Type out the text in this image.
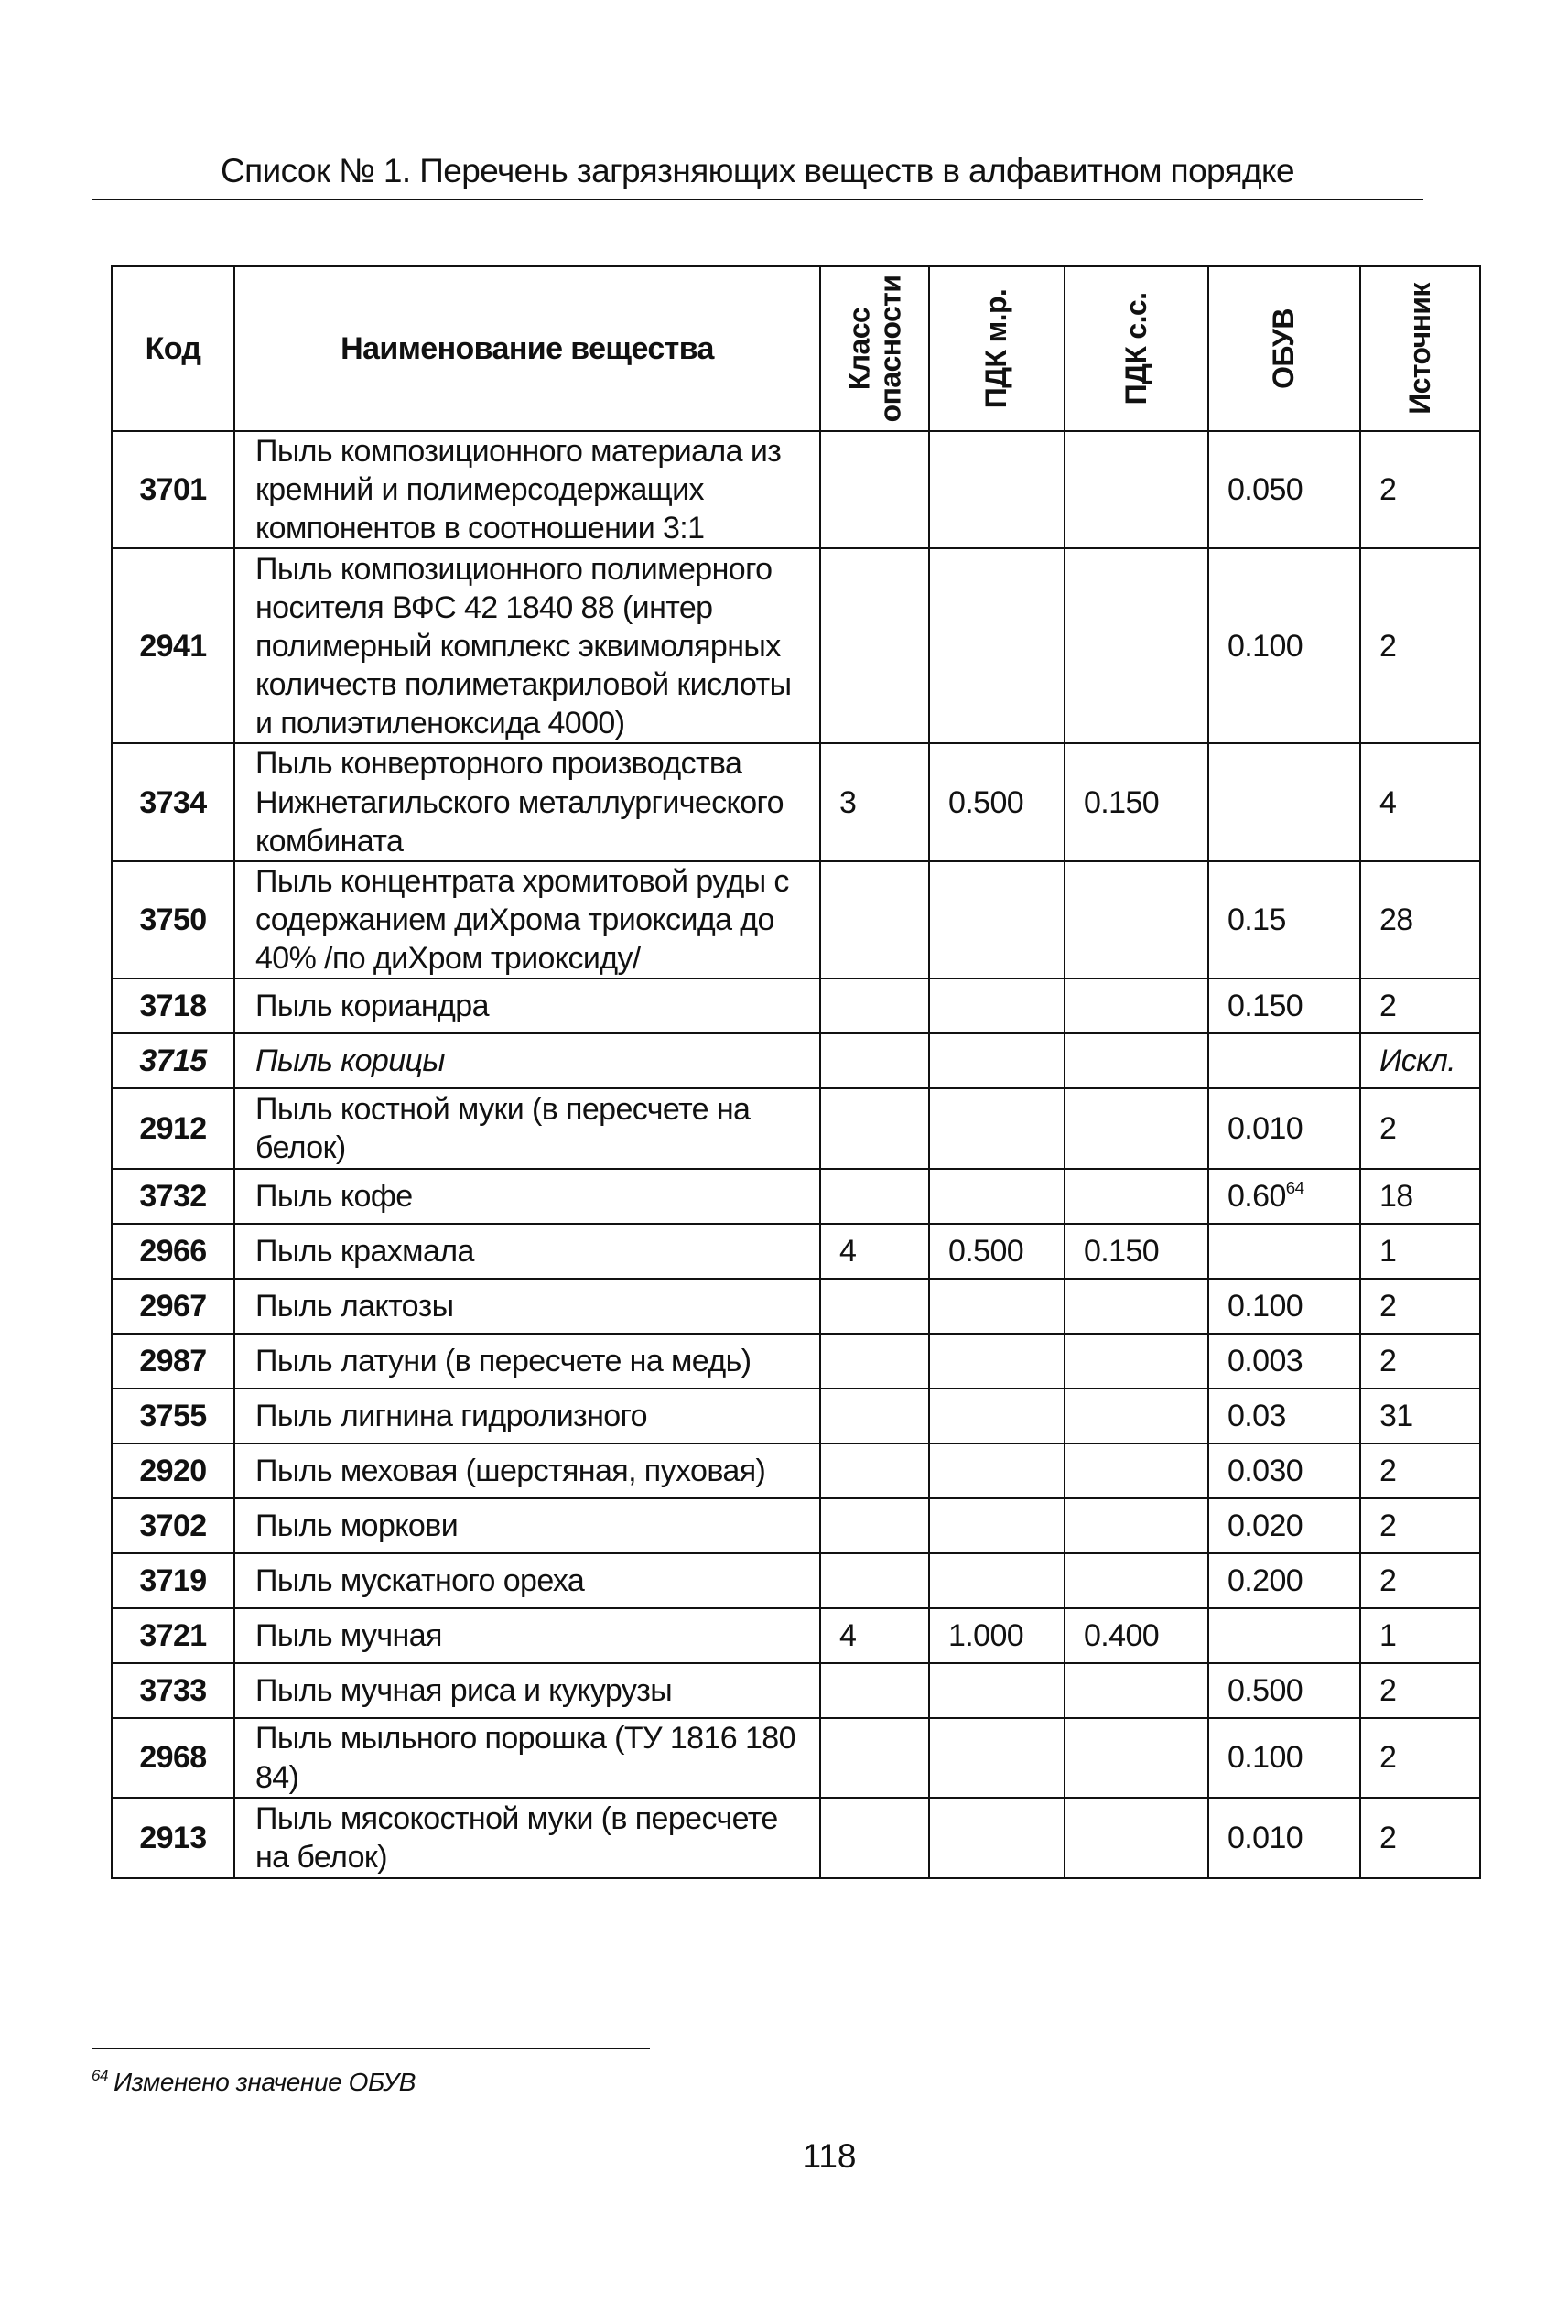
Список № 1. Перечень загрязняющих веществ в алфавитном порядке
Код	Наименование вещества	Класс опасности	ПДК м.р.	ПДК с.с.	ОБУВ	Источник

3701	Пыль композиционного материала из кремний и полимерсодержащих компонентов в соотношении 3:1				0.050	2
2941	Пыль композиционного полимерного носителя ВФС 42 1840 88 (интер полимерный комплекс эквимолярных количеств полиметакриловой кислоты и полиэтиленоксида 4000)				0.100	2
3734	Пыль конверторного производства Нижнетагильского металлургического комбината	3	0.500	0.150		4
3750	Пыль концентрата хромитовой руды с содержанием диХрома триоксида до 40% /по диХром триоксиду/				0.15	28
3718	Пыль кориандра				0.150	2
3715	Пыль корицы					Искл.
2912	Пыль костной муки (в пересчете на белок)				0.010	2
3732	Пыль кофе				0.60$^{64}$	18
2966	Пыль крахмала	4	0.500	0.150		1
2967	Пыль лактозы				0.100	2
2987	Пыль латуни (в пересчете на медь)				0.003	2
3755	Пыль лигнина гидролизного				0.03	31
2920	Пыль меховая (шерстяная, пуховая)				0.030	2
3702	Пыль моркови				0.020	2
3719	Пыль мускатного ореха				0.200	2
3721	Пыль мучная	4	1.000	0.400		1
3733	Пыль мучная риса и кукурузы				0.500	2
2968	Пыль мыльного порошка (ТУ 1816 180 84)				0.100	2
2913	Пыль мясокостной муки (в пересчете на белок)				0.010	2
$^{64}$ Изменено значение ОБУВ
118
